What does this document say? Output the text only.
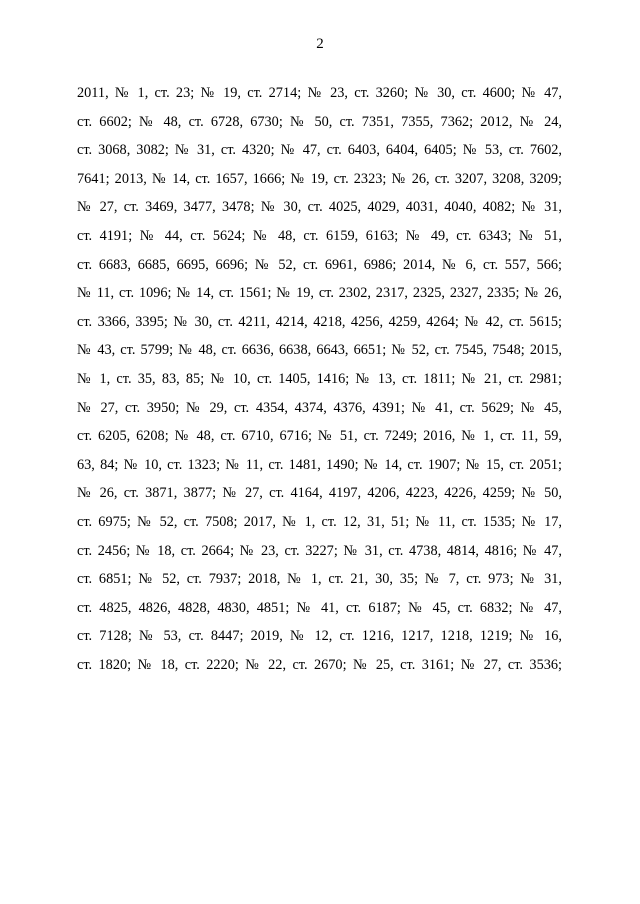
2
2011, № 1, ст. 23; № 19, ст. 2714; № 23, ст. 3260; № 30, ст. 4600; № 47,
ст. 6602; № 48, ст. 6728, 6730; № 50, ст. 7351, 7355, 7362; 2012, № 24,
ст. 3068, 3082; № 31, ст. 4320; № 47, ст. 6403, 6404, 6405; № 53, ст. 7602,
7641; 2013, № 14, ст. 1657, 1666; № 19, ст. 2323; № 26, ст. 3207, 3208, 3209;
№ 27, ст. 3469, 3477, 3478; № 30, ст. 4025, 4029, 4031, 4040, 4082; № 31,
ст. 4191; № 44, ст. 5624; № 48, ст. 6159, 6163; № 49, ст. 6343; № 51,
ст. 6683, 6685, 6695, 6696; № 52, ст. 6961, 6986; 2014, № 6, ст. 557, 566;
№ 11, ст. 1096; № 14, ст. 1561; № 19, ст. 2302, 2317, 2325, 2327, 2335; № 26,
ст. 3366, 3395; № 30, ст. 4211, 4214, 4218, 4256, 4259, 4264; № 42, ст. 5615;
№ 43, ст. 5799; № 48, ст. 6636, 6638, 6643, 6651; № 52, ст. 7545, 7548; 2015,
№ 1, ст. 35, 83, 85; № 10, ст. 1405, 1416; № 13, ст. 1811; № 21, ст. 2981;
№ 27, ст. 3950; № 29, ст. 4354, 4374, 4376, 4391; № 41, ст. 5629; № 45,
ст. 6205, 6208; № 48, ст. 6710, 6716; № 51, ст. 7249; 2016, № 1, ст. 11, 59,
63, 84; № 10, ст. 1323; № 11, ст. 1481, 1490; № 14, ст. 1907; № 15, ст. 2051;
№ 26, ст. 3871, 3877; № 27, ст. 4164, 4197, 4206, 4223, 4226, 4259; № 50,
ст. 6975; № 52, ст. 7508; 2017, № 1, ст. 12, 31, 51; № 11, ст. 1535; № 17,
ст. 2456; № 18, ст. 2664; № 23, ст. 3227; № 31, ст. 4738, 4814, 4816; № 47,
ст. 6851; № 52, ст. 7937; 2018, № 1, ст. 21, 30, 35; № 7, ст. 973; № 31,
ст. 4825, 4826, 4828, 4830, 4851; № 41, ст. 6187; № 45, ст. 6832; № 47,
ст. 7128; № 53, ст. 8447; 2019, № 12, ст. 1216, 1217, 1218, 1219; № 16,
ст. 1820; № 18, ст. 2220; № 22, ст. 2670; № 25, ст. 3161; № 27, ст. 3536;
